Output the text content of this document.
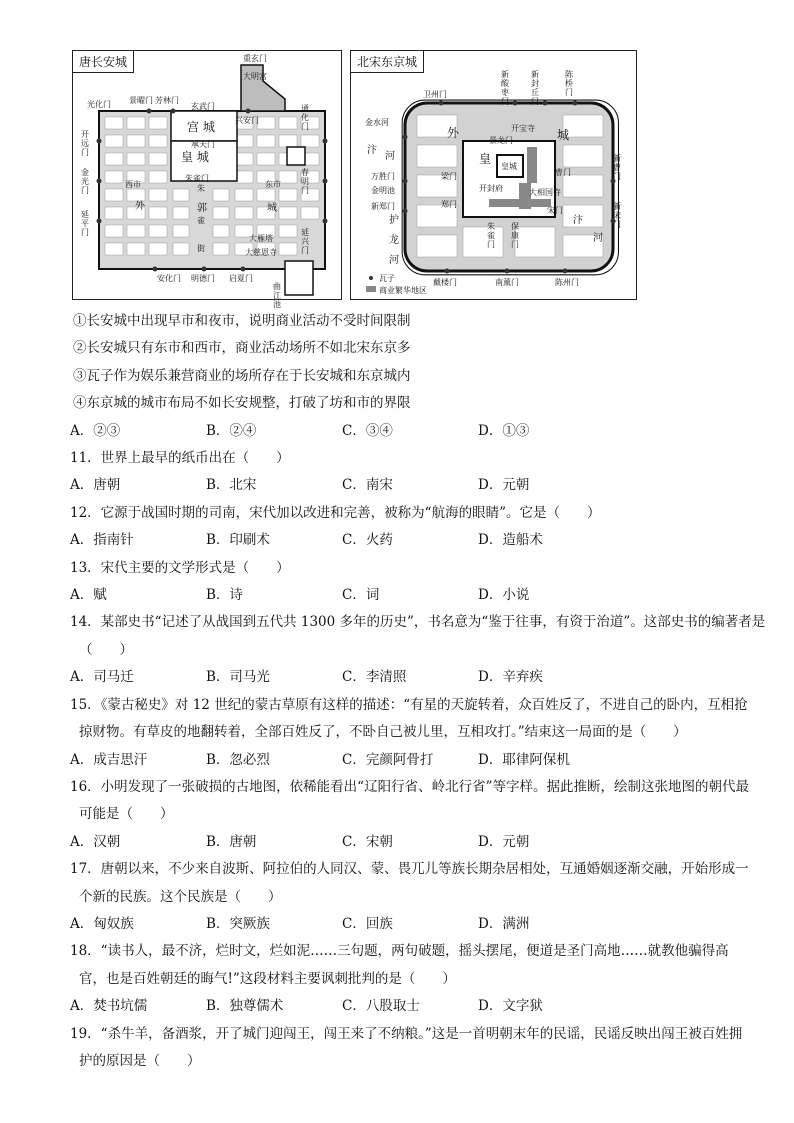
重玄门
大明宫
光化门 景曜门 芳林门
玄武门
宫 城	兴安门
承天门
皇 城
朱雀门
西市	朱	东市
外	郭	城
雀
街
大雁塔
大慈恩寺
安化门 明德门 启夏门
开远门
金光门
延平门
通化门
春明门
延兴门
曲江池
唐长安城
卫州门
金水河
外	开宝寺 城
景龙门
汴
河	皇
皇城
万胜门	梁门	曹门
开封府
金明池	大相国寺
新郑门	郑门
宋门
汴
河
护
龙
河
瓦子
商业繁华地区
戴楼门	南薰门	陈州门
新酸枣门
新封丘门
陈桥门
新曹门
新宋门
朱雀门
保康门
北宋东京城
①长安城中出现早市和夜市，说明商业活动不受时间限制
②长安城只有东市和西市，商业活动场所不如北宋东京多
③瓦子作为娱乐兼营商业的场所存在于长安城和东京城内
④东京城的城市布局不如长安规整，打破了坊和市的界限
A．②③	B．②④	C．③④	D．①③
11．世界上最早的纸币出在（　　）
A．唐朝	B．北宋	C．南宋	D．元朝
12．它源于战国时期的司南，宋代加以改进和完善，被称为“航海的眼睛”。它是（　　）
A．指南针	B．印刷术	C．火药	D．造船术
13．宋代主要的文学形式是（　　）
A．赋	B．诗	C．词	D．小说
14．某部史书“记述了从战国到五代共 1300 多年的历史”，书名意为“鉴于往事，有资于治道”。这部史书的编著者是
（　　）
A．司马迁	B．司马光	C．李清照	D．辛弃疾
15．《蒙古秘史》对 12 世纪的蒙古草原有这样的描述：“有星的天旋转着，众百姓反了，不进自己的卧内，互相抢
掠财物。有草皮的地翻转着，全部百姓反了，不卧自己被儿里，互相攻打。”结束这一局面的是（　　）
A．成吉思汗	B．忽必烈	C．完颜阿骨打	D．耶律阿保机
16．小明发现了一张破损的古地图，依稀能看出“辽阳行省、岭北行省”等字样。据此推断，绘制这张地图的朝代最
可能是（　　）
A．汉朝	B．唐朝	C．宋朝	D．元朝
17．唐朝以来，不少来自波斯、阿拉伯的人同汉、蒙、畏兀儿等族长期杂居相处，互通婚姻逐渐交融，开始形成一
个新的民族。这个民族是（　　）
A．匈奴族	B．突厥族	C．回族	D．满洲
18．“读书人，最不济，烂时文，烂如泥……三句题，两句破题，摇头摆尾，便道是圣门高地……就教他骗得高
官，也是百姓朝廷的晦气!”这段材料主要讽刺批判的是（　　）
A．焚书坑儒	B．独尊儒术	C．八股取士	D．文字狱
19．“杀牛羊，备酒浆，开了城门迎闯王，闯王来了不纳粮。”这是一首明朝末年的民谣，民谣反映出闯王被百姓拥
护的原因是（　　）
